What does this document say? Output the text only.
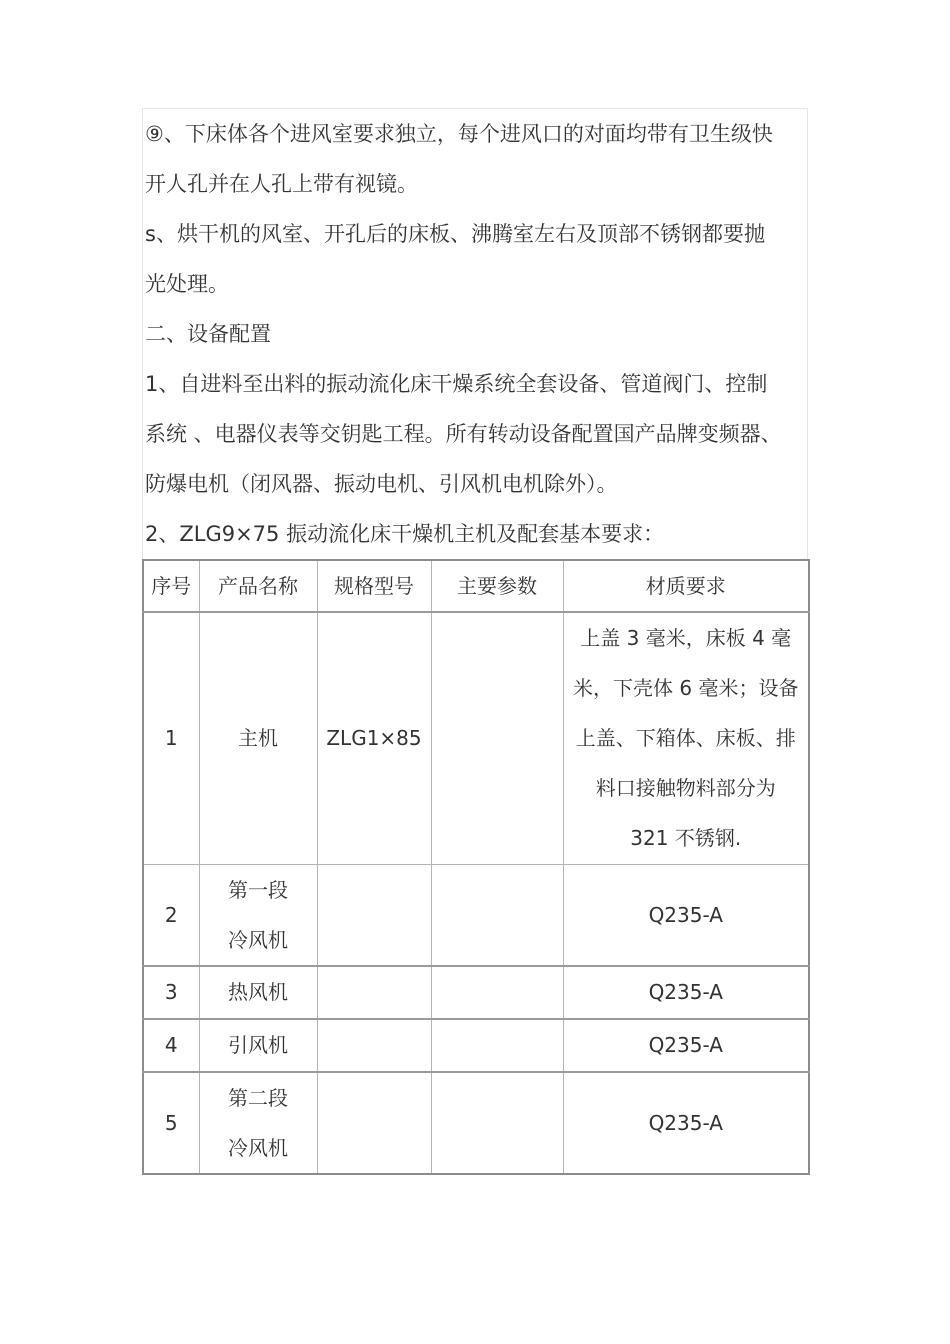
⑨、下床体各个进风室要求独立，每个进风口的对面均带有卫生级快
开人孔并在人孔上带有视镜。
s、烘干机的风室、开孔后的床板、沸腾室左右及顶部不锈钢都要抛
光处理。
二、设备配置
1、自进料至出料的振动流化床干燥系统全套设备、管道阀门、控制
系统 、电器仪表等交钥匙工程。所有转动设备配置国产品牌变频器、
防爆电机（闭风器、振动电机、引风机电机除外）。
2、ZLG9×75 振动流化床干燥机主机及配套基本要求：
序号	产品名称	规格型号	主要参数	材质要求
1	主机	ZLG1×85		上盖 3 毫米，床板 4 毫
米，下壳体 6 毫米；设备
上盖、下箱体、床板、排
料口接触物料部分为
321 不锈钢.

2	第一段
冷风机			Q235-A
3	热风机			Q235-A
4	引风机			Q235-A
5	第二段
冷风机			Q235-A
